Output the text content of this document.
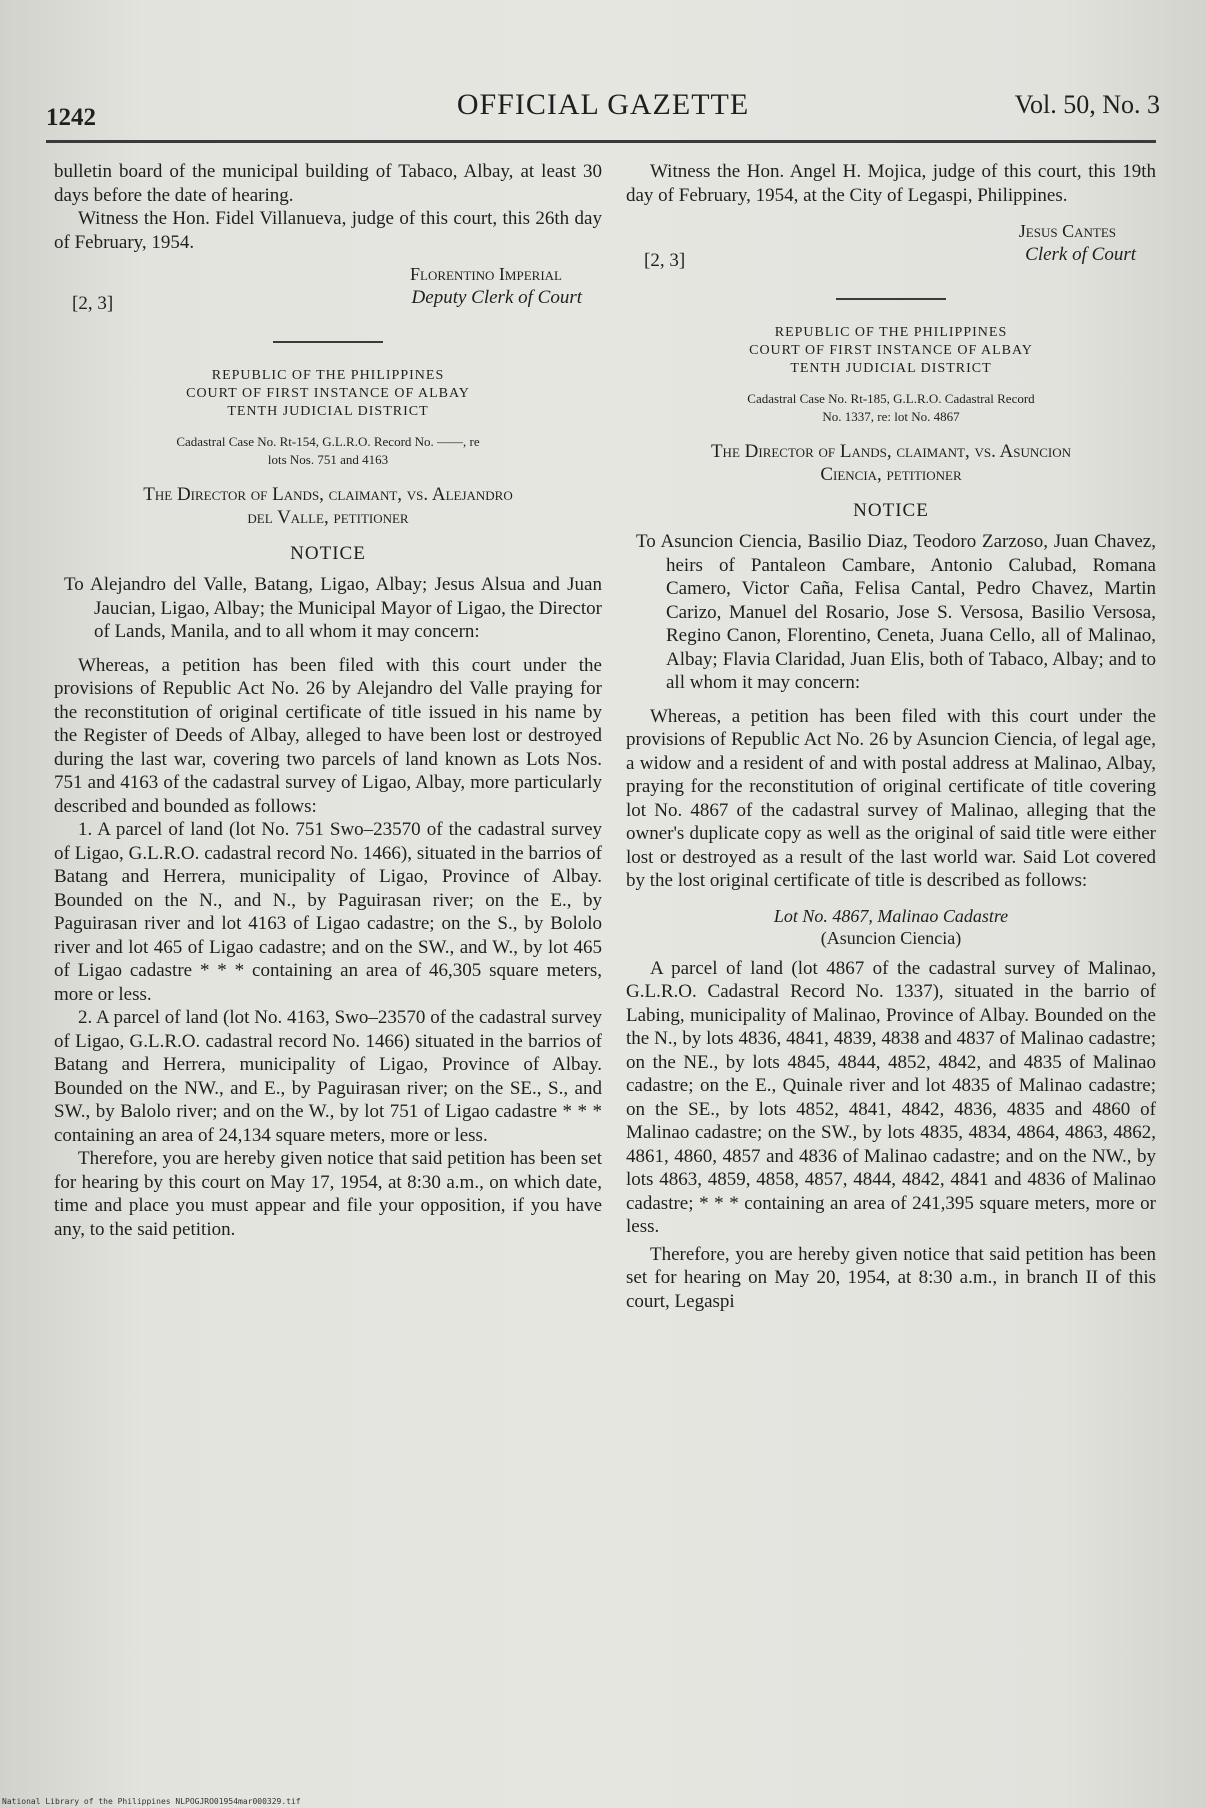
1242	OFFICIAL GAZETTE	Vol. 50, No. 3

bulletin board of the municipal building of Tabaco, Albay, at least 30 days before the date of hearing.

Witness the Hon. Fidel Villanueva, judge of this court, this 26th day of February, 1954.

Florentino Imperial

[2, 3]	Deputy Clerk of Court
REPUBLIC OF THE PHILIPPINES
COURT OF FIRST INSTANCE OF ALBAY
TENTH JUDICIAL DISTRICT
Cadastral Case No. Rt-154, G.L.R.O. Record No. ——, re
lots Nos. 751 and 4163
The Director of Lands, claimant, vs. Alejandro
del Valle, petitioner
NOTICE

To Alejandro del Valle, Batang, Ligao, Albay; Jesus Alsua and Juan Jaucian, Ligao, Albay; the Municipal Mayor of Ligao, the Director of Lands, Manila, and to all whom it may concern:

Whereas, a petition has been filed with this court under the provisions of Republic Act No. 26 by Alejandro del Valle praying for the reconstitution of original certificate of title issued in his name by the Register of Deeds of Albay, alleged to have been lost or destroyed during the last war, covering two parcels of land known as Lots Nos. 751 and 4163 of the cadastral survey of Ligao, Albay, more particularly described and bounded as follows:

1. A parcel of land (lot No. 751 Swo–23570 of the cadastral survey of Ligao, G.L.R.O. cadastral record No. 1466), situated in the barrios of Batang and Herrera, municipality of Ligao, Province of Albay. Bounded on the N., and N., by Paguirasan river; on the E., by Paguirasan river and lot 4163 of Ligao cadastre; on the S., by Bololo river and lot 465 of Ligao cadastre; and on the SW., and W., by lot 465 of Ligao cadastre * * * containing an area of 46,305 square meters, more or less.

2. A parcel of land (lot No. 4163, Swo–23570 of the cadastral survey of Ligao, G.L.R.O. cadastral record No. 1466) situated in the barrios of Batang and Herrera, municipality of Ligao, Province of Albay. Bounded on the NW., and E., by Paguirasan river; on the SE., S., and SW., by Balolo river; and on the W., by lot 751 of Ligao cadastre * * * containing an area of 24,134 square meters, more or less.

Therefore, you are hereby given notice that said petition has been set for hearing by this court on May 17, 1954, at 8:30 a.m., on which date, time and place you must appear and file your opposition, if you have any, to the said petition.

Witness the Hon. Angel H. Mojica, judge of this court, this 19th day of February, 1954, at the City of Legaspi, Philippines.

Jesus Cantes

[2, 3]	Clerk of Court
REPUBLIC OF THE PHILIPPINES
COURT OF FIRST INSTANCE OF ALBAY
TENTH JUDICIAL DISTRICT
Cadastral Case No. Rt-185, G.L.R.O. Cadastral Record
No. 1337, re: lot No. 4867
The Director of Lands, claimant, vs. Asuncion
Ciencia, petitioner
NOTICE

To Asuncion Ciencia, Basilio Diaz, Teodoro Zarzoso, Juan Chavez, heirs of Pantaleon Cambare, Antonio Calubad, Romana Camero, Victor Caña, Felisa Cantal, Pedro Chavez, Martin Carizo, Manuel del Rosario, Jose S. Versosa, Basilio Versosa, Regino Canon, Florentino, Ceneta, Juana Cello, all of Malinao, Albay; Flavia Claridad, Juan Elis, both of Tabaco, Albay; and to all whom it may concern:

Whereas, a petition has been filed with this court under the provisions of Republic Act No. 26 by Asuncion Ciencia, of legal age, a widow and a resident of and with postal address at Malinao, Albay, praying for the reconstitution of original certificate of title covering lot No. 4867 of the cadastral survey of Malinao, alleging that the owner's duplicate copy as well as the original of said title were either lost or destroyed as a result of the last world war. Said Lot covered by the lost original certificate of title is described as follows:

Lot No. 4867, Malinao Cadastre
(Asuncion Ciencia)

A parcel of land (lot 4867 of the cadastral survey of Malinao, G.L.R.O. Cadastral Record No. 1337), situated in the barrio of Labing, municipality of Malinao, Province of Albay. Bounded on the the N., by lots 4836, 4841, 4839, 4838 and 4837 of Malinao cadastre; on the NE., by lots 4845, 4844, 4852, 4842, and 4835 of Malinao cadastre; on the E., Quinale river and lot 4835 of Malinao cadastre; on the SE., by lots 4852, 4841, 4842, 4836, 4835 and 4860 of Malinao cadastre; on the SW., by lots 4835, 4834, 4864, 4863, 4862, 4861, 4860, 4857 and 4836 of Malinao cadastre; and on the NW., by lots 4863, 4859, 4858, 4857, 4844, 4842, 4841 and 4836 of Malinao cadastre; * * * containing an area of 241,395 square meters, more or less.

Therefore, you are hereby given notice that said petition has been set for hearing on May 20, 1954, at 8:30 a.m., in branch II of this court, Legaspi

National Library of the Philippines NLPOGJRO01954mar000329.tif
